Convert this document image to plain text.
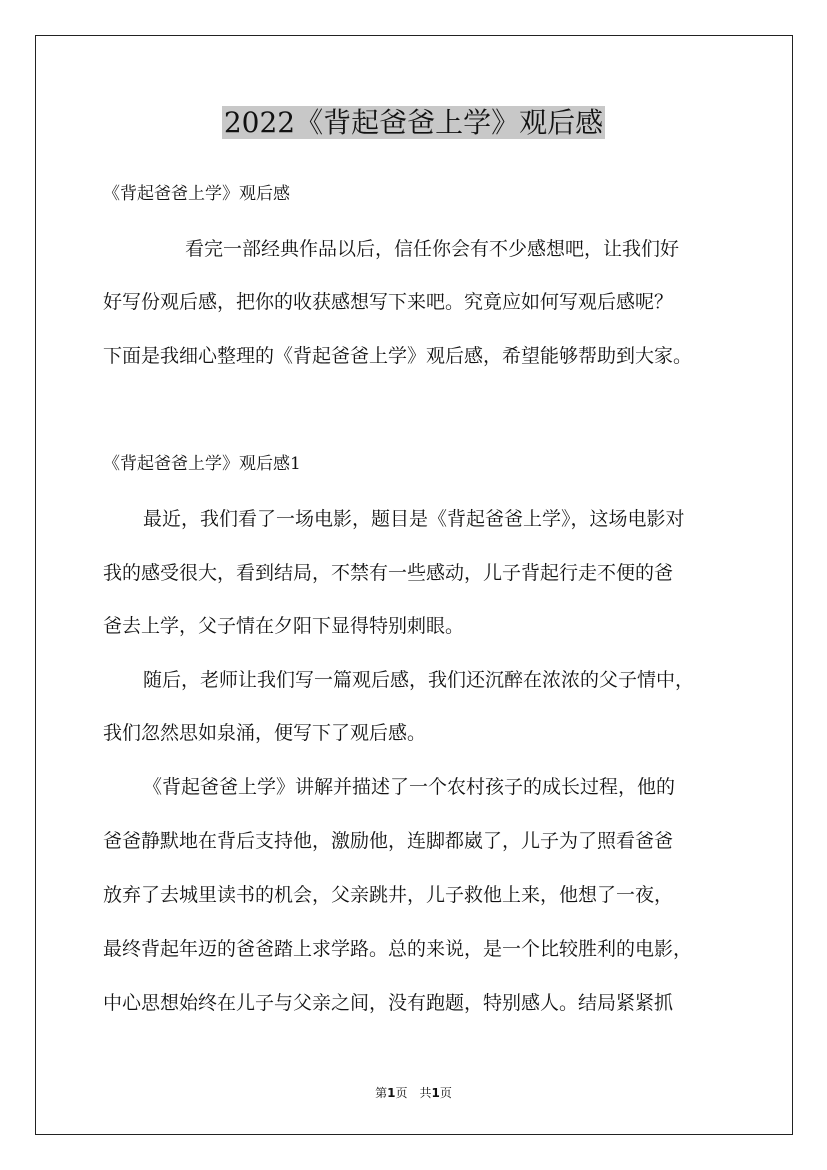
2022《背起爸爸上学》观后感
《背起爸爸上学》观后感
看完一部经典作品以后，信任你会有不少感想吧，让我们好
好写份观后感，把你的收获感想写下来吧。究竟应如何写观后感呢？
下面是我细心整理的《背起爸爸上学》观后感，希望能够帮助到大家。
《背起爸爸上学》观后感1
最近，我们看了一场电影，题目是《背起爸爸上学》，这场电影对
我的感受很大，看到结局，不禁有一些感动，儿子背起行走不便的爸
爸去上学，父子情在夕阳下显得特别刺眼。
随后，老师让我们写一篇观后感，我们还沉醉在浓浓的父子情中，
我们忽然思如泉涌，便写下了观后感。
《背起爸爸上学》讲解并描述了一个农村孩子的成长过程，他的
爸爸静默地在背后支持他，激励他，连脚都崴了，儿子为了照看爸爸
放弃了去城里读书的机会，父亲跳井，儿子救他上来，他想了一夜，
最终背起年迈的爸爸踏上求学路。总的来说，是一个比较胜利的电影，
中心思想始终在儿子与父亲之间，没有跑题，特别感人。结局紧紧抓
第1页　共1页
